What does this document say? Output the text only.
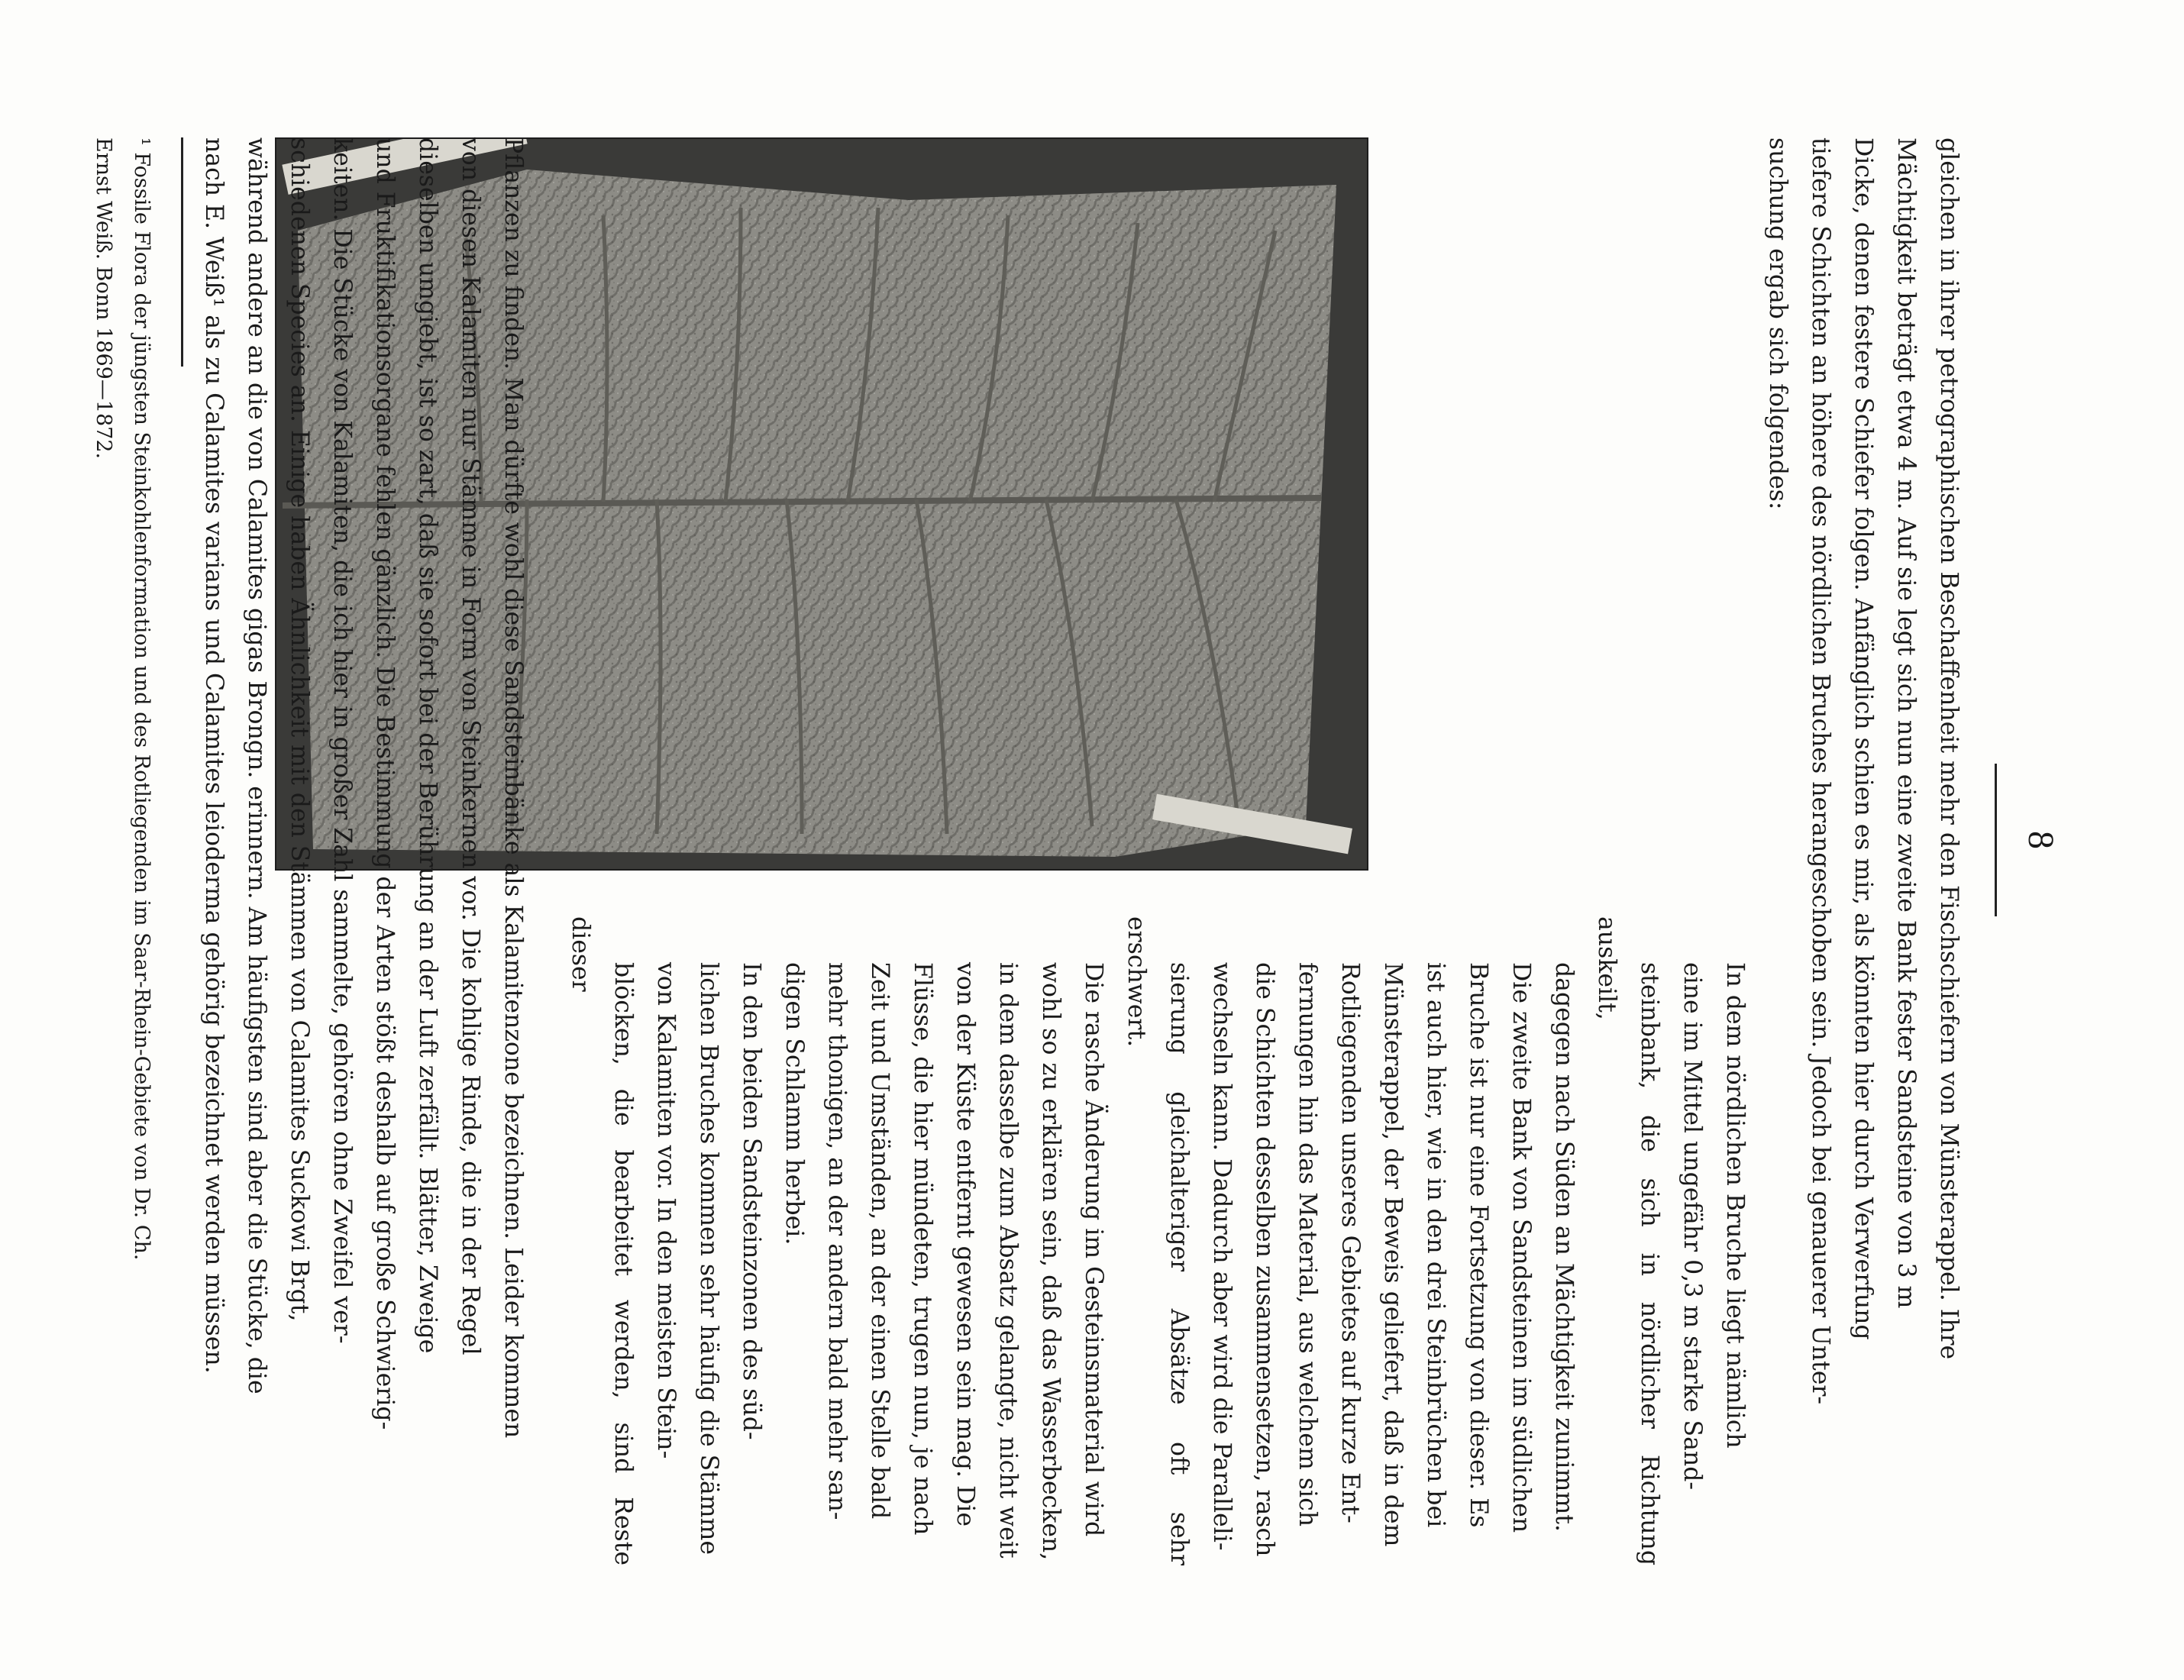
8

gleichen in ihrer petrographischen Beschaffenheit mehr den Fischschiefern von Münsterappel. Ihre
Mächtigkeit beträgt etwa 4 m. Auf sie legt sich nun eine zweite Bank fester Sandsteine von 3 m
Dicke, denen festere Schiefer folgen. Anfänglich schien es mir, als könnten hier durch Verwerfung
tiefere Schichten an höhere des nördlichen Bruches herangeschoben sein. Jedoch bei genauerer Unter-
suchung ergab sich folgendes:

In dem nördlichen Bruche liegt nämlich
eine im Mittel ungefähr 0,3 m starke Sand-
steinbank, die sich in nördlicher Richtung auskeilt,
dagegen nach Süden an Mächtigkeit zunimmt.
Die zweite Bank von Sandsteinen im südlichen
Bruche ist nur eine Fortsetzung von dieser. Es
ist auch hier, wie in den drei Steinbrüchen bei
Münsterappel, der Beweis geliefert, daß in dem
Rotliegenden unseres Gebietes auf kurze Ent-
fernungen hin das Material, aus welchem sich
die Schichten desselben zusammensetzen, rasch
wechseln kann. Dadurch aber wird die Paralleli-
sierung gleichalteriger Absätze oft sehr erschwert.
Die rasche Änderung im Gesteinsmaterial wird
wohl so zu erklären sein, daß das Wasserbecken,
in dem dasselbe zum Absatz gelangte, nicht weit
von der Küste entfernt gewesen sein mag. Die
Flüsse, die hier mündeten, trugen nun, je nach
Zeit und Umständen, an der einen Stelle bald
mehr thonigen, an der andern bald mehr san-
digen Schlamm herbei.

In den beiden Sandsteinzonen des süd-
lichen Bruches kommen sehr häufig die Stämme
von Kalamiten vor. In den meisten Stein-
blöcken, die bearbeitet werden, sind Reste dieser

Pflanzen zu finden. Man dürfte wohl diese Sandsteinbänke als Kalamitenzone bezeichnen. Leider kommen
von diesen Kalamiten nur Stämme in Form von Steinkernen vor. Die kohlige Rinde, die in der Regel
dieselben umgiebt, ist so zart, daß sie sofort bei der Berührung an der Luft zerfällt. Blätter, Zweige
und Fruktifikationsorgane fehlen gänzlich. Die Bestimmung der Arten stößt deshalb auf große Schwierig-
keiten. Die Stücke von Kalamiten, die ich hier in großer Zahl sammelte, gehören ohne Zweifel ver-
schiedenen Species an. Einige haben Ähnlichkeit mit den Stämmen von Calamites Suckowi Brgt,
während andere an die von Calamites gigas Brongn. erinnern. Am häufigsten sind aber die Stücke, die
nach E. Weiß¹ als zu Calamites varians und Calamites leioderma gehörig bezeichnet werden müssen.

¹ Fossile Flora der jüngsten Steinkohlenformation und des Rotliegenden im Saar-Rhein-Gebiete von Dr. Ch.
Ernst Weiß. Bonn 1869—1872.
